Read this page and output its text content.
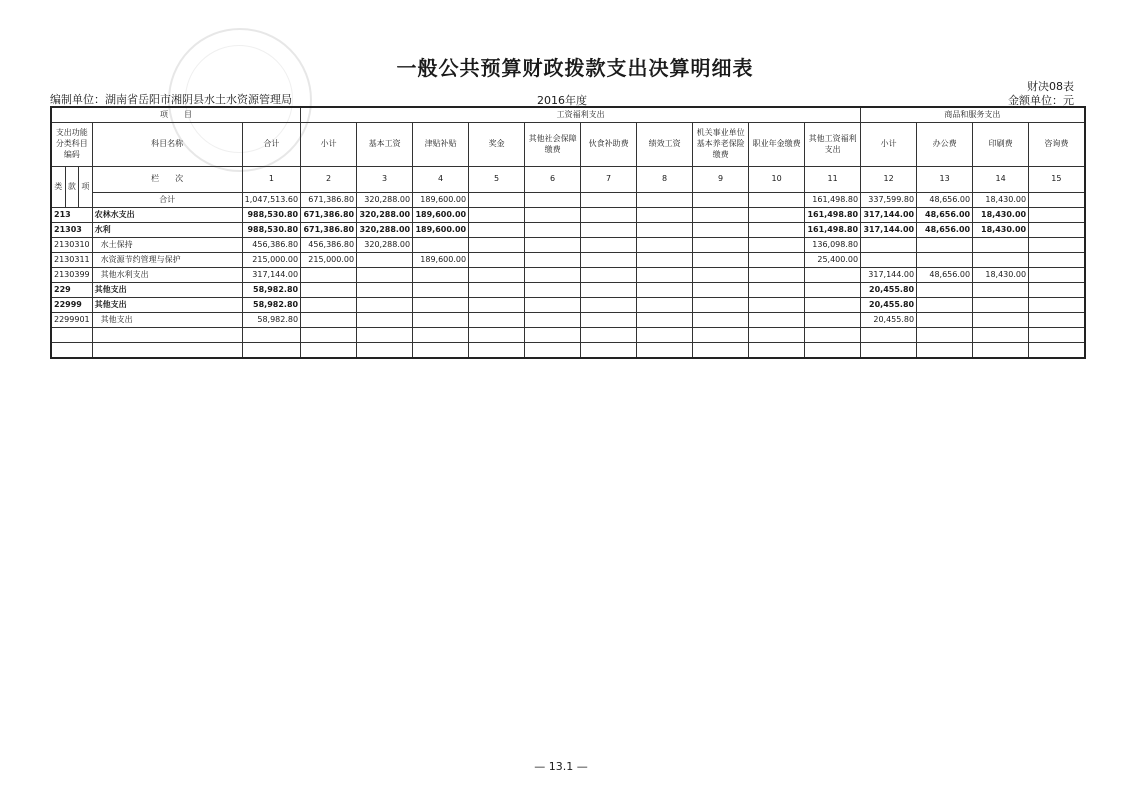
一般公共预算财政拨款支出决算明细表
财决08表
编制单位：湖南省岳阳市湘阴县水土水资源管理局	2016年度	金额单位：元
项　　目					工资福利支出										商品和服务支出			
支出功能分类科目编码			科目名称	合计	小计	基本工资	津贴补贴	奖金	其他社会保障缴费	伙食补助费	绩效工资	机关事业单位基本养老保险缴费	职业年金缴费	其他工资福利支出	小计	办公费	印刷费	咨询费
类	款	项	栏　　次	1	2	3	4	5	6	7	8	9	10	11	12	13	14	15
			合计	1,047,513.60	671,386.80	320,288.00	189,600.00							161,498.80	337,599.80	48,656.00	18,430.00	
213			农林水支出	988,530.80	671,386.80	320,288.00	189,600.00							161,498.80	317,144.00	48,656.00	18,430.00	
21303			水利	988,530.80	671,386.80	320,288.00	189,600.00							161,498.80	317,144.00	48,656.00	18,430.00	
2130310			水土保持	456,386.80	456,386.80	320,288.00								136,098.80				
2130311			水资源节约管理与保护	215,000.00	215,000.00		189,600.00							25,400.00				
2130399			其他水利支出	317,144.00											317,144.00	48,656.00	18,430.00	
229			其他支出	58,982.80											20,455.80			
22999			其他支出	58,982.80											20,455.80			
2299901			其他支出	58,982.80											20,455.80			

— 13.1 —
